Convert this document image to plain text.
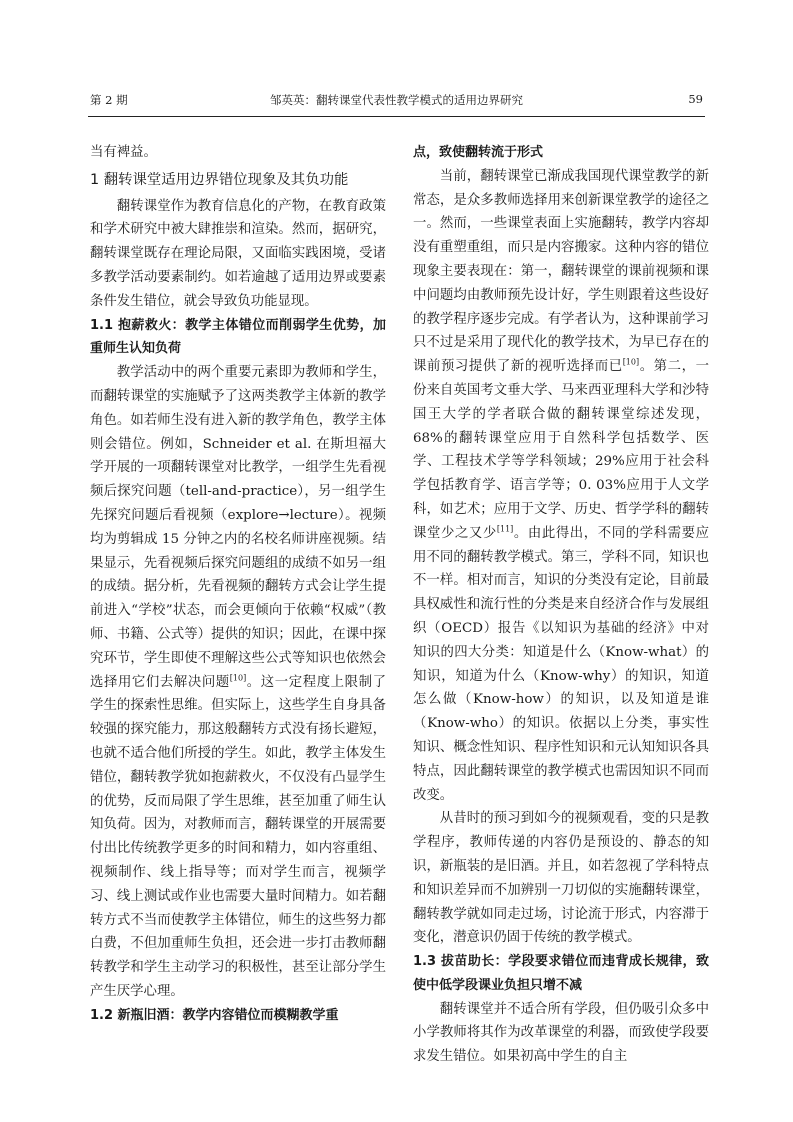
第 2 期	邹英英：翻转课堂代表性教学模式的适用边界研究	59

当有裨益。

1 翻转课堂适用边界错位现象及其负功能

翻转课堂作为教育信息化的产物，在教育政策和学术研究中被大肆推崇和渲染。然而，据研究，翻转课堂既存在理论局限，又面临实践困境，受诸多教学活动要素制约。如若逾越了适用边界或要素条件发生错位，就会导致负功能显现。

1.1 抱薪救火：教学主体错位而削弱学生优势，加重师生认知负荷

教学活动中的两个重要元素即为教师和学生，而翻转课堂的实施赋予了这两类教学主体新的教学角色。如若师生没有进入新的教学角色，教学主体则会错位。例如，Schneider et al. 在斯坦福大学开展的一项翻转课堂对比教学，一组学生先看视频后探究问题（tell-and-practice），另一组学生先探究问题后看视频（explore→lecture）。视频均为剪辑成 15 分钟之内的名校名师讲座视频。结果显示，先看视频后探究问题组的成绩不如另一组的成绩。据分析，先看视频的翻转方式会让学生提前进入“学校”状态，而会更倾向于依赖“权威”（教师、书籍、公式等）提供的知识；因此，在课中探究环节，学生即使不理解这些公式等知识也依然会选择用它们去解决问题[10]。这一定程度上限制了学生的探索性思维。但实际上，这些学生自身具备较强的探究能力，那这般翻转方式没有扬长避短，也就不适合他们所授的学生。如此，教学主体发生错位，翻转教学犹如抱薪救火，不仅没有凸显学生的优势，反而局限了学生思维，甚至加重了师生认知负荷。因为，对教师而言，翻转课堂的开展需要付出比传统教学更多的时间和精力，如内容重组、视频制作、线上指导等；而对学生而言，视频学习、线上测试或作业也需要大量时间精力。如若翻转方式不当而使教学主体错位，师生的这些努力都白费，不但加重师生负担，还会进一步打击教师翻转教学和学生主动学习的积极性，甚至让部分学生产生厌学心理。

1.2 新瓶旧酒：教学内容错位而模糊教学重
点，致使翻转流于形式

当前，翻转课堂已渐成我国现代课堂教学的新常态，是众多教师选择用来创新课堂教学的途径之一。然而，一些课堂表面上实施翻转，教学内容却没有重塑重组，而只是内容搬家。这种内容的错位现象主要表现在：第一，翻转课堂的课前视频和课中问题均由教师预先设计好，学生则跟着这些设好的教学程序逐步完成。有学者认为，这种课前学习只不过是采用了现代化的教学技术，为早已存在的课前预习提供了新的视听选择而已[10]。第二，一份来自英国考文垂大学、马来西亚理科大学和沙特国王大学的学者联合做的翻转课堂综述发现，68%的翻转课堂应用于自然科学包括数学、医学、工程技术学等学科领域；29%应用于社会科学包括教育学、语言学等；0. 03%应用于人文学科，如艺术；应用于文学、历史、哲学学科的翻转课堂少之又少[11]。由此得出，不同的学科需要应用不同的翻转教学模式。第三，学科不同，知识也不一样。相对而言，知识的分类没有定论，目前最具权威性和流行性的分类是来自经济合作与发展组织（OECD）报告《以知识为基础的经济》中对知识的四大分类：知道是什么（Know-what）的知识，知道为什么（Know-why）的知识，知道怎么做（Know-how）的知识，以及知道是谁（Know-who）的知识。依据以上分类，事实性知识、概念性知识、程序性知识和元认知知识各具特点，因此翻转课堂的教学模式也需因知识不同而改变。

从昔时的预习到如今的视频观看，变的只是教学程序，教师传递的内容仍是预设的、静态的知识，新瓶装的是旧酒。并且，如若忽视了学科特点和知识差异而不加辨别一刀切似的实施翻转课堂，翻转教学就如同走过场，讨论流于形式，内容滞于变化，潜意识仍固于传统的教学模式。

1.3 拔苗助长：学段要求错位而违背成长规律，致使中低学段课业负担只增不减

翻转课堂并不适合所有学段，但仍吸引众多中小学教师将其作为改革课堂的利器，而致使学段要求发生错位。如果初高中学生的自主
